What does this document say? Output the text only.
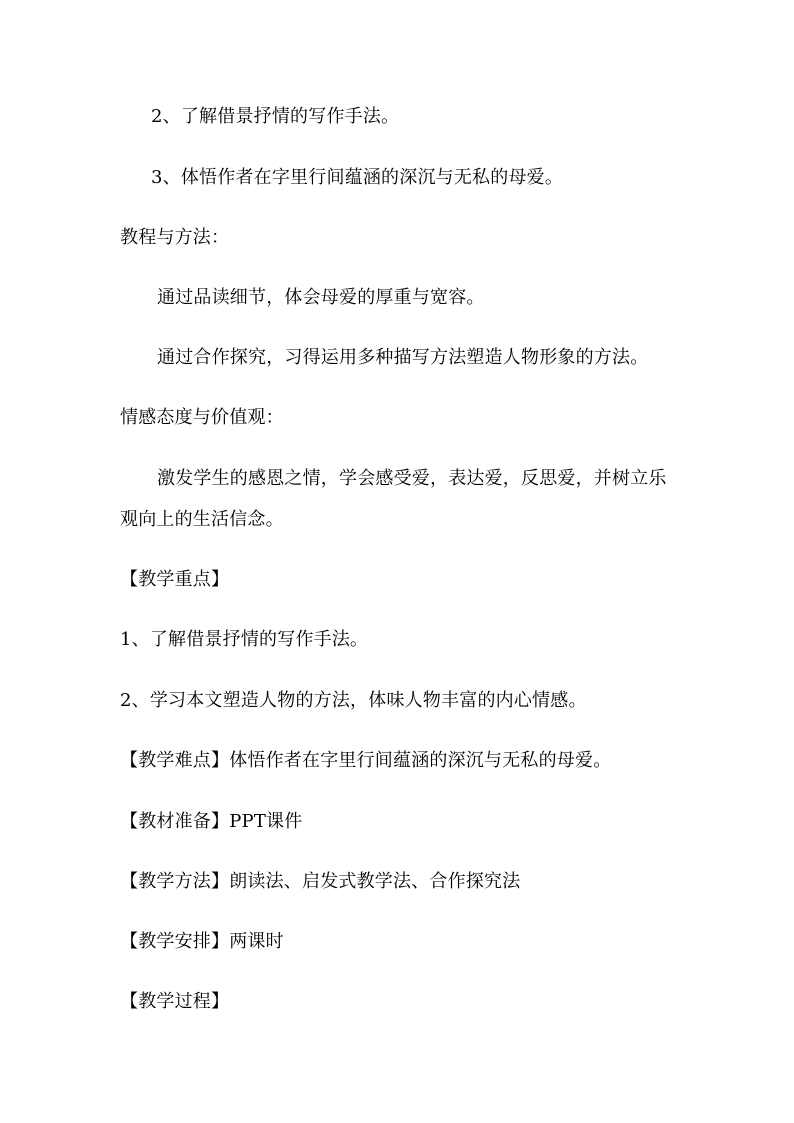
2、了解借景抒情的写作手法。
3、体悟作者在字里行间蕴涵的深沉与无私的母爱。
教程与方法：
通过品读细节，体会母爱的厚重与宽容。
通过合作探究，习得运用多种描写方法塑造人物形象的方法。
情感态度与价值观：
激发学生的感恩之情，学会感受爱，表达爱，反思爱，并树立乐
观向上的生活信念。
【教学重点】
1、了解借景抒情的写作手法。
2、学习本文塑造人物的方法，体味人物丰富的内心情感。
【教学难点】体悟作者在字里行间蕴涵的深沉与无私的母爱。
【教材准备】PPT课件
【教学方法】朗读法、启发式教学法、合作探究法
【教学安排】两课时
【教学过程】
